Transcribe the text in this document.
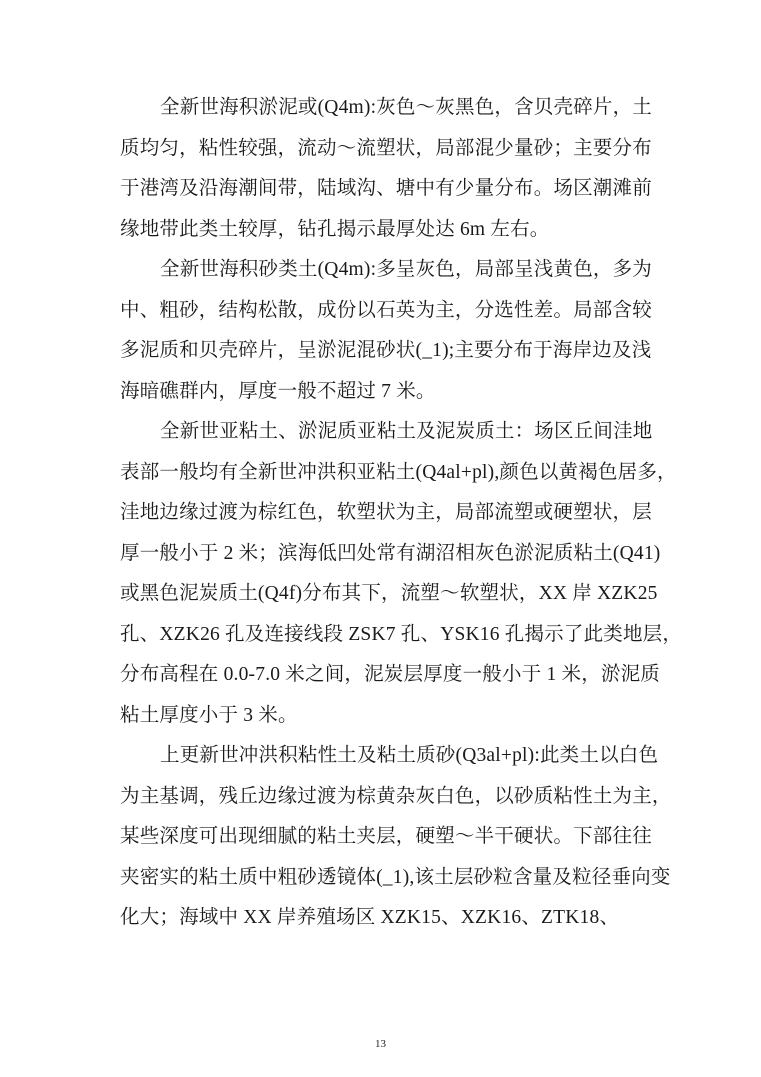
全新世海积淤泥或(Q4m):灰色～灰黑色，含贝壳碎片，土
质均匀，粘性较强，流动～流塑状，局部混少量砂；主要分布
于港湾及沿海潮间带，陆域沟、塘中有少量分布。场区潮滩前
缘地带此类土较厚，钻孔揭示最厚处达 6m 左右。
全新世海积砂类土(Q4m):多呈灰色，局部呈浅黄色，多为
中、粗砂，结构松散，成份以石英为主，分选性差。局部含较
多泥质和贝壳碎片，呈淤泥混砂状(_1);主要分布于海岸边及浅
海暗礁群内，厚度一般不超过 7 米。
全新世亚粘土、淤泥质亚粘土及泥炭质土：场区丘间洼地
表部一般均有全新世冲洪积亚粘土(Q4al+pl),颜色以黄褐色居多，
洼地边缘过渡为棕红色，软塑状为主，局部流塑或硬塑状，层
厚一般小于 2 米；滨海低凹处常有湖沼相灰色淤泥质粘土(Q41)
或黑色泥炭质土(Q4f)分布其下，流塑～软塑状，XX 岸 XZK25
孔、XZK26 孔及连接线段 ZSK7 孔、YSK16 孔揭示了此类地层，
分布高程在 0.0-7.0 米之间，泥炭层厚度一般小于 1 米，淤泥质
粘土厚度小于 3 米。
上更新世冲洪积粘性土及粘土质砂(Q3al+pl):此类土以白色
为主基调，残丘边缘过渡为棕黄杂灰白色，以砂质粘性土为主，
某些深度可出现细腻的粘土夹层，硬塑～半干硬状。下部往往
夹密实的粘土质中粗砂透镜体(_1),该土层砂粒含量及粒径垂向变
化大；海域中 XX 岸养殖场区 XZK15、XZK16、ZTK18、
13
